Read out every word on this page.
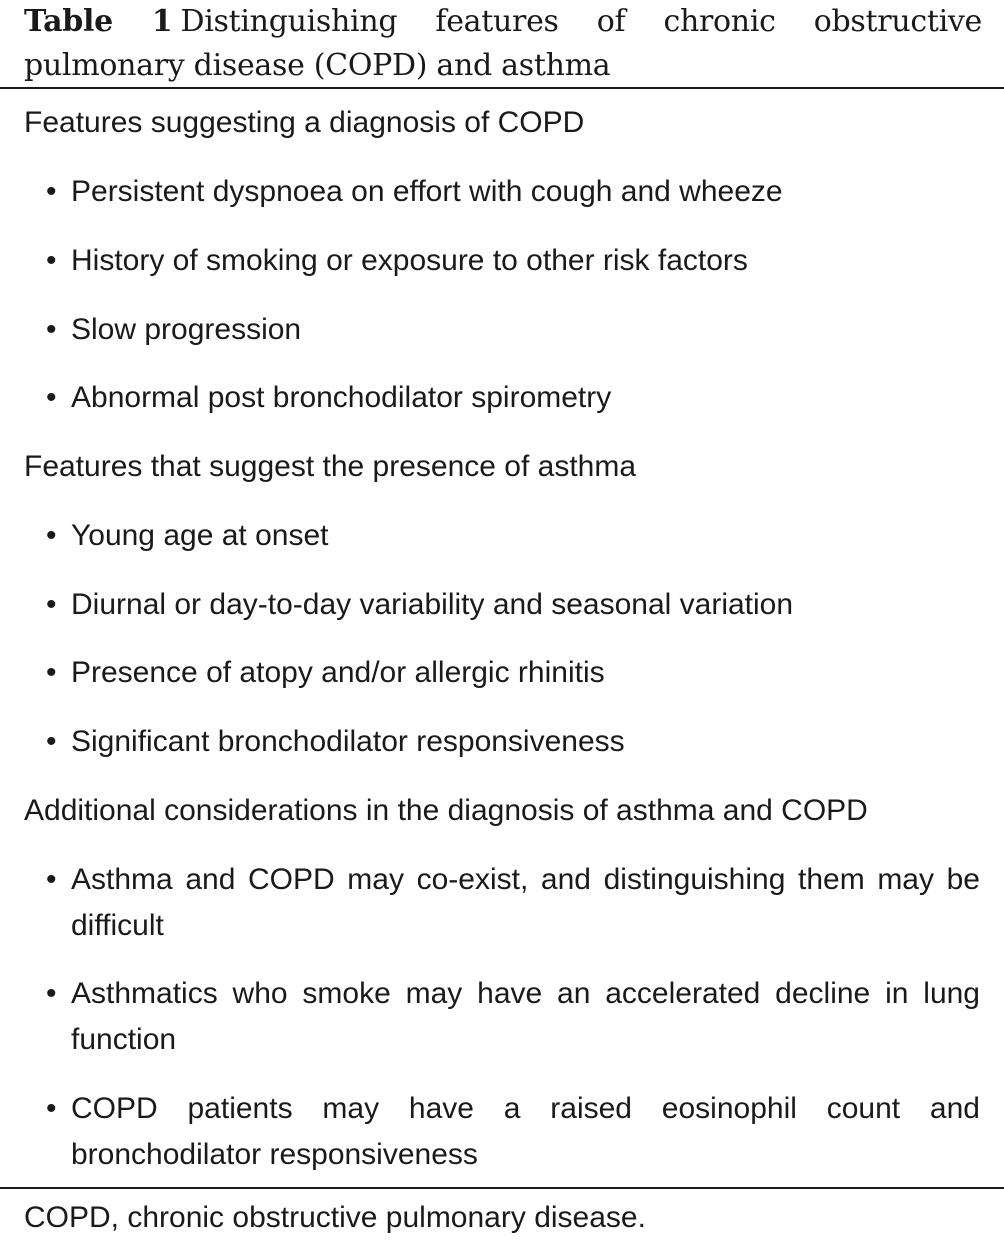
Table 1 Distinguishing features of chronic obstructive pulmonary disease (COPD) and asthma
Features suggesting a diagnosis of COPD
• Persistent dyspnoea on effort with cough and wheeze
• History of smoking or exposure to other risk factors
• Slow progression
• Abnormal post bronchodilator spirometry
Features that suggest the presence of asthma
• Young age at onset
• Diurnal or day-to-day variability and seasonal variation
• Presence of atopy and/or allergic rhinitis
• Significant bronchodilator responsiveness
Additional considerations in the diagnosis of asthma and COPD
• Asthma and COPD may co-exist, and distinguishing them may be difficult
• Asthmatics who smoke may have an accelerated decline in lung function
• COPD patients may have a raised eosinophil count and bronchodilator responsiveness
COPD, chronic obstructive pulmonary disease.
